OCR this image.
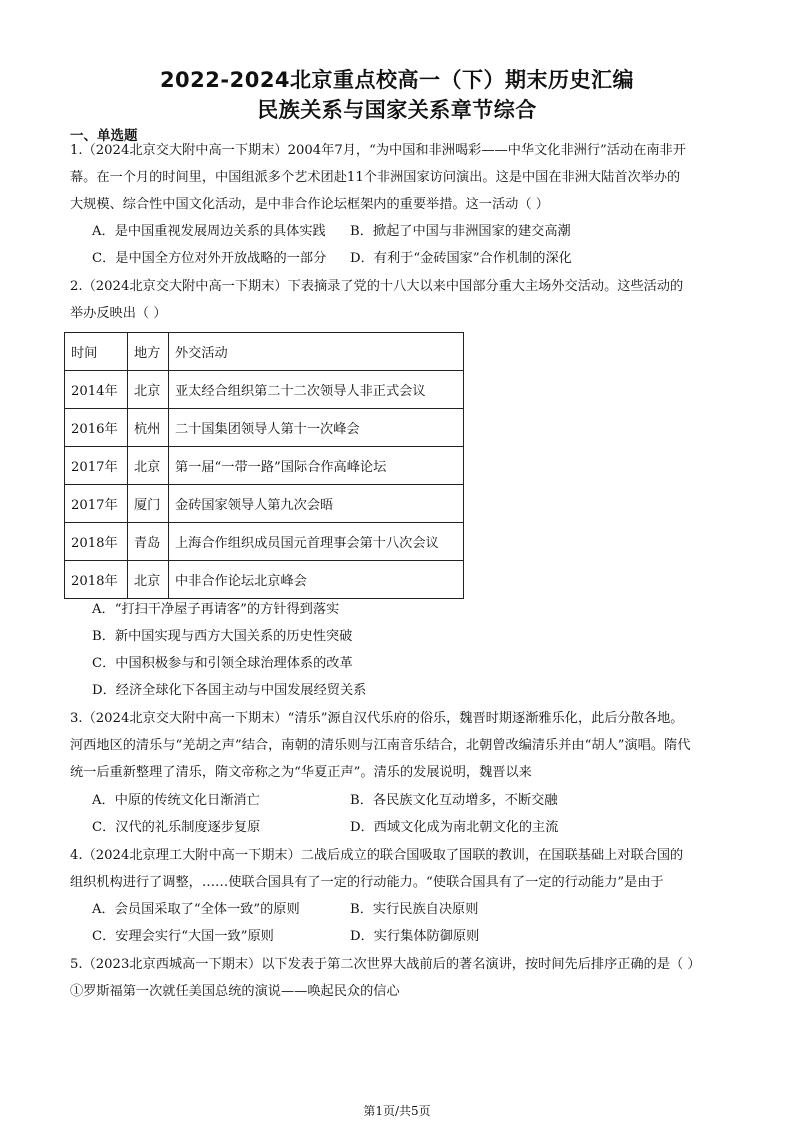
2022-2024北京重点校高一（下）期末历史汇编
民族关系与国家关系章节综合
一、单选题
1.（2024北京交大附中高一下期末）2004年7月，“为中国和非洲喝彩——中华文化非洲行”活动在南非开
幕。在一个月的时间里，中国组派多个艺术团赴11个非洲国家访问演出。这是中国在非洲大陆首次举办的
大规模、综合性中国文化活动，是中非合作论坛框架内的重要举措。这一活动（ ）
A．是中国重视发展周边关系的具体实践 B．掀起了中国与非洲国家的建交高潮
C．是中国全方位对外开放战略的一部分 D．有利于“金砖国家”合作机制的深化
2.（2024北京交大附中高一下期末）下表摘录了党的十八大以来中国部分重大主场外交活动。这些活动的
举办反映出（ ）
时间	地方	外交活动
2014年	北京	亚太经合组织第二十二次领导人非正式会议
2016年	杭州	二十国集团领导人第十一次峰会
2017年	北京	第一届“一带一路”国际合作高峰论坛
2017年	厦门	金砖国家领导人第九次会晤
2018年	青岛	上海合作组织成员国元首理事会第十八次会议
2018年	北京	中非合作论坛北京峰会
A．“打扫干净屋子再请客”的方针得到落实
B．新中国实现与西方大国关系的历史性突破
C．中国积极参与和引领全球治理体系的改革
D．经济全球化下各国主动与中国发展经贸关系
3.（2024北京交大附中高一下期末）“清乐”源自汉代乐府的俗乐，魏晋时期逐渐雅乐化，此后分散各地。
河西地区的清乐与“羌胡之声”结合，南朝的清乐则与江南音乐结合，北朝曾改编清乐并由“胡人”演唱。隋代
统一后重新整理了清乐，隋文帝称之为“华夏正声”。清乐的发展说明，魏晋以来
A．中原的传统文化日渐消亡	B．各民族文化互动增多，不断交融
C．汉代的礼乐制度逐步复原	D．西域文化成为南北朝文化的主流
4.（2024北京理工大附中高一下期末）二战后成立的联合国吸取了国联的教训，在国联基础上对联合国的
组织机构进行了调整，……使联合国具有了一定的行动能力。“使联合国具有了一定的行动能力”是由于
A．会员国采取了“全体一致”的原则	B．实行民族自决原则
C．安理会实行“大国一致”原则	D．实行集体防御原则
5.（2023北京西城高一下期末）以下发表于第二次世界大战前后的著名演讲，按时间先后排序正确的是（ ）
①罗斯福第一次就任美国总统的演说——唤起民众的信心
第1页/共5页
